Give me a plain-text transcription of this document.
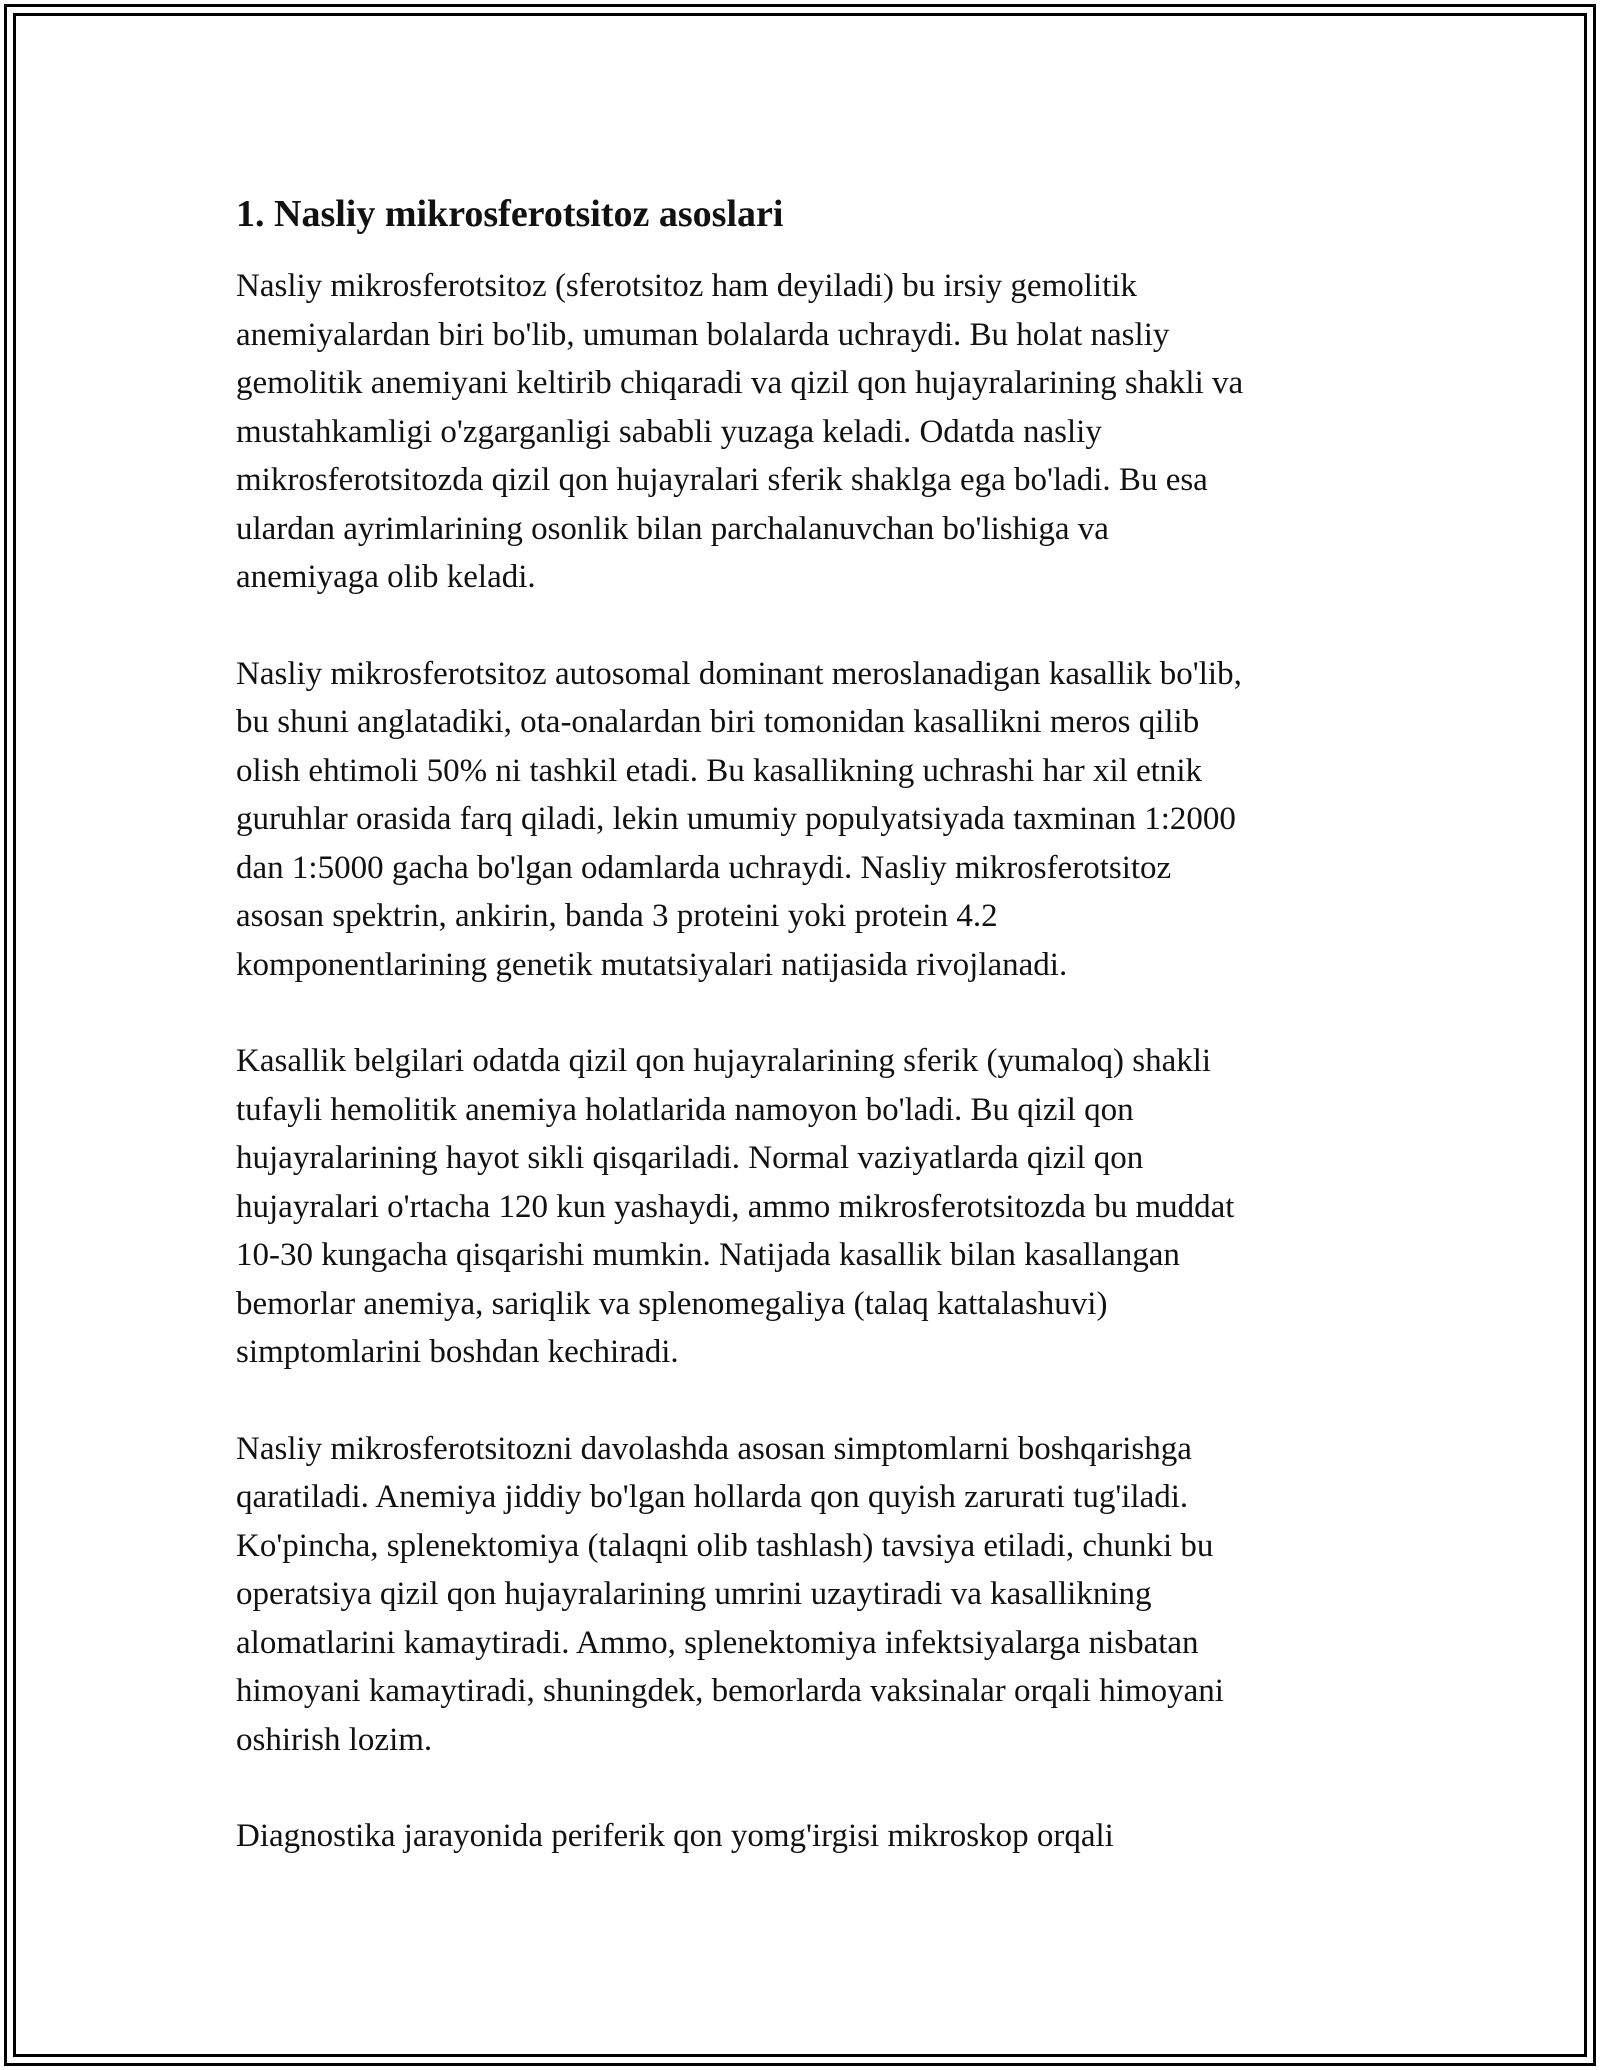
1. Nasliy mikrosferotsitoz asoslari

Nasliy mikrosferotsitoz (sferotsitoz ham deyiladi) bu irsiy gemolitik
anemiyalardan biri bo'lib, umuman bolalarda uchraydi. Bu holat nasliy
gemolitik anemiyani keltirib chiqaradi va qizil qon hujayralarining shakli va
mustahkamligi o'zgarganligi sababli yuzaga keladi. Odatda nasliy
mikrosferotsitozda qizil qon hujayralari sferik shaklga ega bo'ladi. Bu esa
ulardan ayrimlarining osonlik bilan parchalanuvchan bo'lishiga va
anemiyaga olib keladi.

Nasliy mikrosferotsitoz autosomal dominant meroslanadigan kasallik bo'lib,
bu shuni anglatadiki, ota-onalardan biri tomonidan kasallikni meros qilib
olish ehtimoli 50% ni tashkil etadi. Bu kasallikning uchrashi har xil etnik
guruhlar orasida farq qiladi, lekin umumiy populyatsiyada taxminan 1:2000
dan 1:5000 gacha bo'lgan odamlarda uchraydi. Nasliy mikrosferotsitoz
asosan spektrin, ankirin, banda 3 proteini yoki protein 4.2
komponentlarining genetik mutatsiyalari natijasida rivojlanadi.

Kasallik belgilari odatda qizil qon hujayralarining sferik (yumaloq) shakli
tufayli hemolitik anemiya holatlarida namoyon bo'ladi. Bu qizil qon
hujayralarining hayot sikli qisqariladi. Normal vaziyatlarda qizil qon
hujayralari o'rtacha 120 kun yashaydi, ammo mikrosferotsitozda bu muddat
10-30 kungacha qisqarishi mumkin. Natijada kasallik bilan kasallangan
bemorlar anemiya, sariqlik va splenomegaliya (talaq kattalashuvi)
simptomlarini boshdan kechiradi.

Nasliy mikrosferotsitozni davolashda asosan simptomlarni boshqarishga
qaratiladi. Anemiya jiddiy bo'lgan hollarda qon quyish zarurati tug'iladi.
Ko'pincha, splenektomiya (talaqni olib tashlash) tavsiya etiladi, chunki bu
operatsiya qizil qon hujayralarining umrini uzaytiradi va kasallikning
alomatlarini kamaytiradi. Ammo, splenektomiya infektsiyalarga nisbatan
himoyani kamaytiradi, shuningdek, bemorlarda vaksinalar orqali himoyani
oshirish lozim.

Diagnostika jarayonida periferik qon yomg'irgisi mikroskop orqali
